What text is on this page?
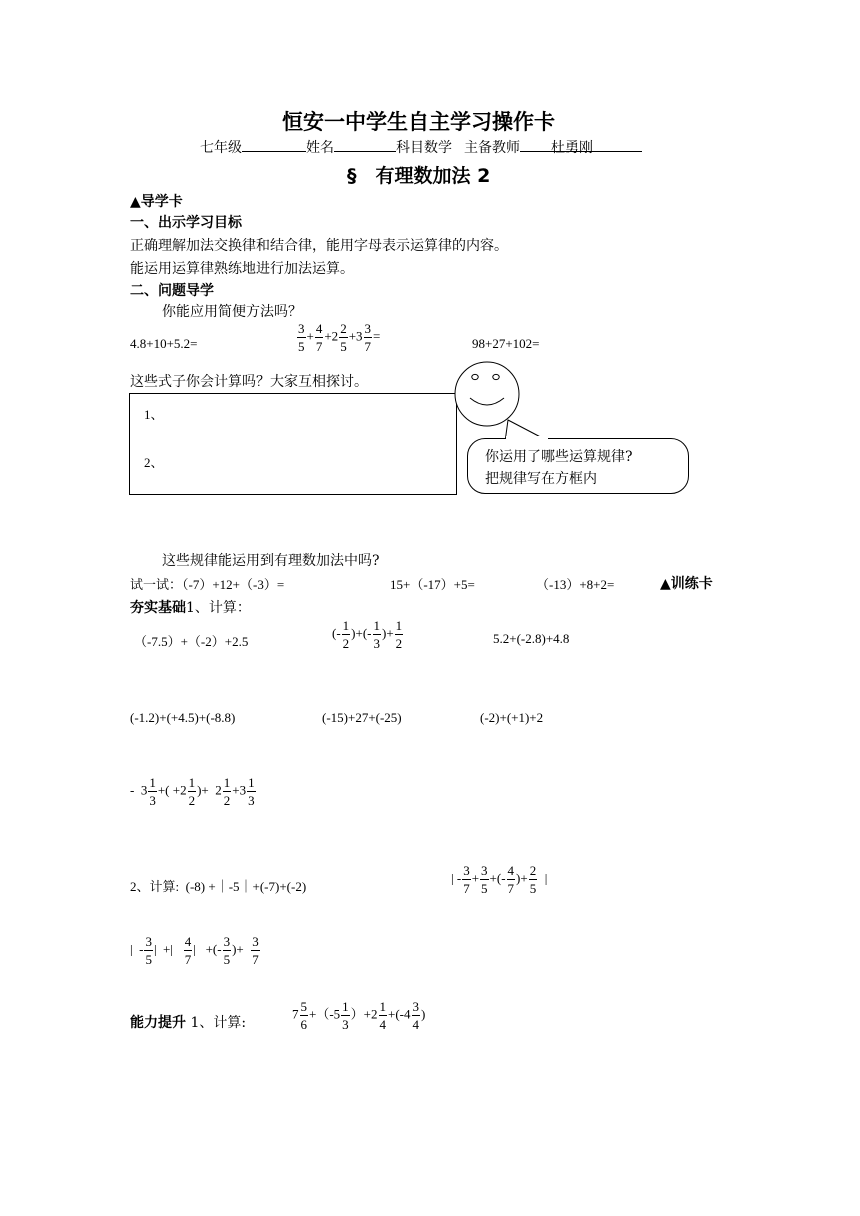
恒安一中学生自主学习操作卡
七年级	姓名	科目数学 主备教师 杜勇刚
§　有理数加法 2
▲导学卡
一、出示学习目标
正确理解加法交换律和结合律，能用字母表示运算律的内容。
能运用运算律熟练地进行加法运算。
二、问题导学
你能应用简便方法吗？
4.8+10+5.2=	$\frac{3}{5} + \frac{4}{7} +2 \frac{2}{5} +3 \frac{3}{7}$ =
98+27+102=
这些式子你会计算吗？大家互相探讨。
1、
2、	你运用了哪些运算规律?
把规律写在方框内
这些规律能运用到有理数加法中吗?
试一试：（-7）+12+（-3）=	15+（-17）+5=	（-13）+8+2=	▲训练卡
夯实基础1、计算：
（-7.5）+（-2）+2.5
(- $\frac{1}{2}$ )+(- $\frac{1}{3}$ )+ $\frac{1}{2}$	5.2+(-2.8)+4.8
(-1.2)+(+4.5)+(-8.8)	(-15)+27+(-25)	(-2)+(+1)+2
-  $3 \frac{1}{3}$ +( $+2 \frac{1}{2}$ )+  $2 \frac{1}{2} +3 \frac{1}{3}$
2、计算: (-8) +｜-5｜+(-7)+(-2)
| - $\frac{3}{7} + \frac{3}{5}$ +(- $\frac{4}{7}$ )+ $\frac{2}{5}$ |
|  - $\frac{3}{5}$ |  +| $\frac{4}{7}$ |   +(- $\frac{3}{5}$ )+ $\frac{3}{7}$
能力提升 1、计算:
$7 \frac{5}{6} +(-5 \frac{1}{3} )+2 \frac{1}{4} +(-4 \frac{3}{4}$ )
